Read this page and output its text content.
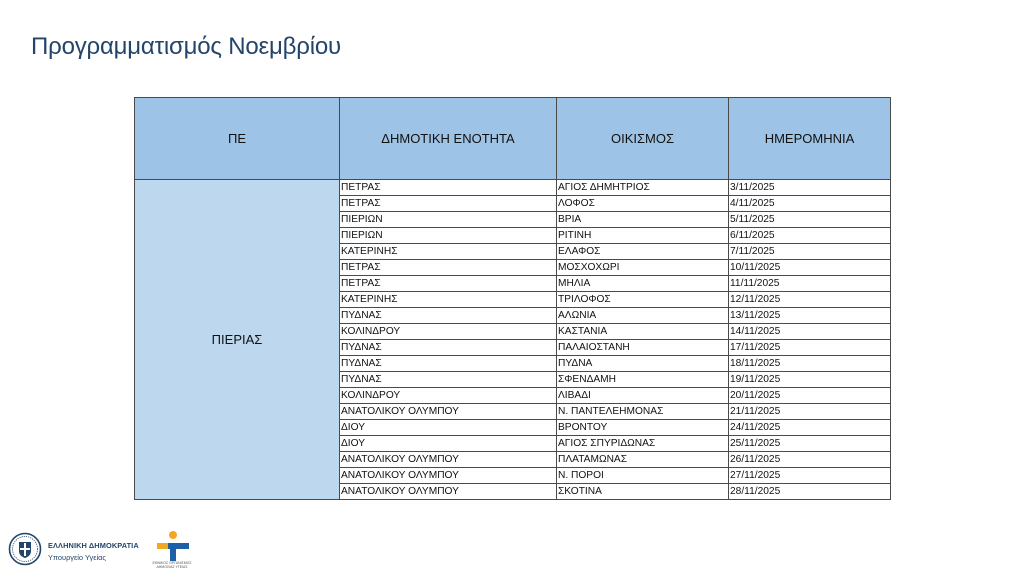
Προγραμματισμός Νοεμβρίου
ΠΕ	ΔΗΜΟΤΙΚΗ ΕΝΟΤΗΤΑ	ΟΙΚΙΣΜΟΣ	ΗΜΕΡΟΜΗΝΙΑ
ΠΙΕΡΙΑΣ	ΠΕΤΡΑΣ	ΑΓΙΟΣ ΔΗΜΗΤΡΙΟΣ	3/11/2025
	ΠΕΤΡΑΣ	ΛΟΦΟΣ	4/11/2025
	ΠΙΕΡΙΩΝ	ΒΡΙΑ	5/11/2025
	ΠΙΕΡΙΩΝ	ΡΙΤΙΝΗ	6/11/2025
	ΚΑΤΕΡΙΝΗΣ	ΕΛΑΦΟΣ	7/11/2025
	ΠΕΤΡΑΣ	ΜΟΣΧΟΧΩΡΙ	10/11/2025
	ΠΕΤΡΑΣ	ΜΗΛΙΑ	11/11/2025
	ΚΑΤΕΡΙΝΗΣ	ΤΡΙΛΟΦΟΣ	12/11/2025
	ΠΥΔΝΑΣ	ΑΛΩΝΙΑ	13/11/2025
	ΚΟΛΙΝΔΡΟΥ	ΚΑΣΤΑΝΙΑ	14/11/2025
	ΠΥΔΝΑΣ	ΠΑΛΑΙΟΣΤΑΝΗ	17/11/2025
	ΠΥΔΝΑΣ	ΠΥΔΝΑ	18/11/2025
	ΠΥΔΝΑΣ	ΣΦΕΝΔΑΜΗ	19/11/2025
	ΚΟΛΙΝΔΡΟΥ	ΛΙΒΑΔΙ	20/11/2025
	ΑΝΑΤΟΛΙΚΟΥ ΟΛΥΜΠΟΥ	Ν. ΠΑΝΤΕΛΕΗΜΟΝΑΣ	21/11/2025
	ΔΙΟΥ	ΒΡΟΝΤΟΥ	24/11/2025
	ΔΙΟΥ	ΑΓΙΟΣ ΣΠΥΡΙΔΩΝΑΣ	25/11/2025
	ΑΝΑΤΟΛΙΚΟΥ ΟΛΥΜΠΟΥ	ΠΛΑΤΑΜΩΝΑΣ	26/11/2025
	ΑΝΑΤΟΛΙΚΟΥ ΟΛΥΜΠΟΥ	Ν. ΠΟΡΟΙ	27/11/2025
	ΑΝΑΤΟΛΙΚΟΥ ΟΛΥΜΠΟΥ	ΣΚΟΤΙΝΑ	28/11/2025
ΕΛΛΗΝΙΚΗ ΔΗΜΟΚΡΑΤΙΑ
Υπουργείο Υγείας
ΕΘΝΙΚΟΣ ΟΡΓΑΝΙΣΜΟΣ ΔΗΜΟΣΙΑΣ ΥΓΕΙΑΣ
